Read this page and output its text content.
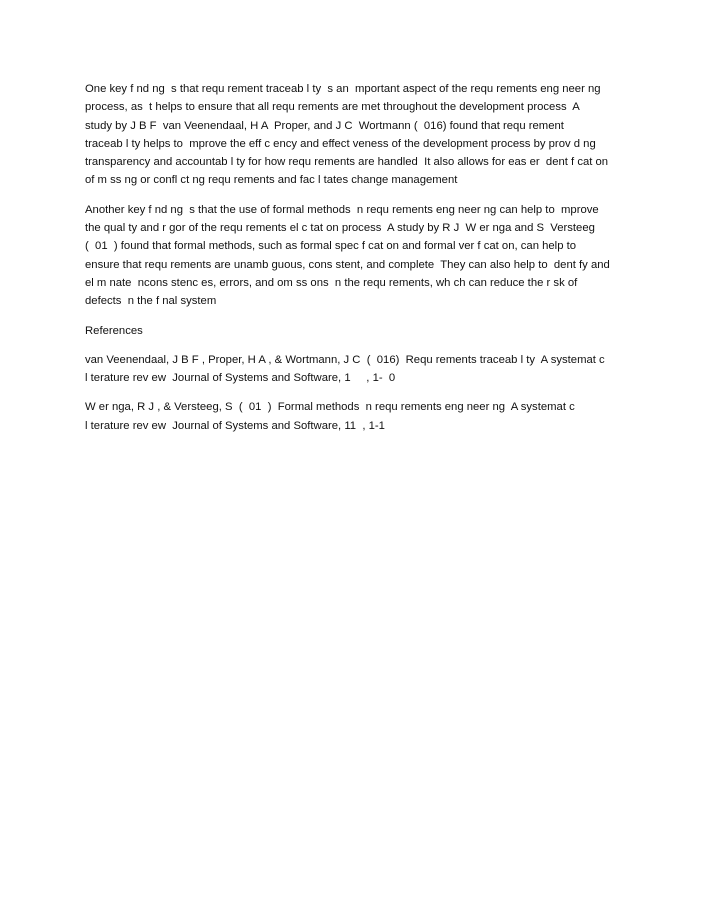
One key f nd ng  s that requ rement traceab l ty  s an  mportant aspect of the requ rements eng neer ng
process, as  t helps to ensure that all requ rements are met throughout the development process  A
study by J B F  van Veenendaal, H A  Proper, and J C  Wortmann (  016) found that requ rement
traceab l ty helps to  mprove the eff c ency and effect veness of the development process by prov d ng
transparency and accountab l ty for how requ rements are handled  It also allows for eas er  dent f cat on
of m ss ng or confl ct ng requ rements and fac l tates change management

Another key f nd ng  s that the use of formal methods  n requ rements eng neer ng can help to  mprove
the qual ty and r gor of the requ rements el c tat on process  A study by R J  W er nga and S  Versteeg
(  01  ) found that formal methods, such as formal spec f cat on and formal ver f cat on, can help to
ensure that requ rements are unamb guous, cons stent, and complete  They can also help to  dent fy and
el m nate  ncons stenc es, errors, and om ss ons  n the requ rements, wh ch can reduce the r sk of
defects  n the f nal system

References

van Veenendaal, J B F , Proper, H A , & Wortmann, J C  (  016)  Requ rements traceab l ty  A systemat c
l terature rev ew  Journal of Systems and Software, 1     , 1-  0

W er nga, R J , & Versteeg, S  (  01  )  Formal methods  n requ rements eng neer ng  A systemat c
l terature rev ew  Journal of Systems and Software, 11  , 1-1
